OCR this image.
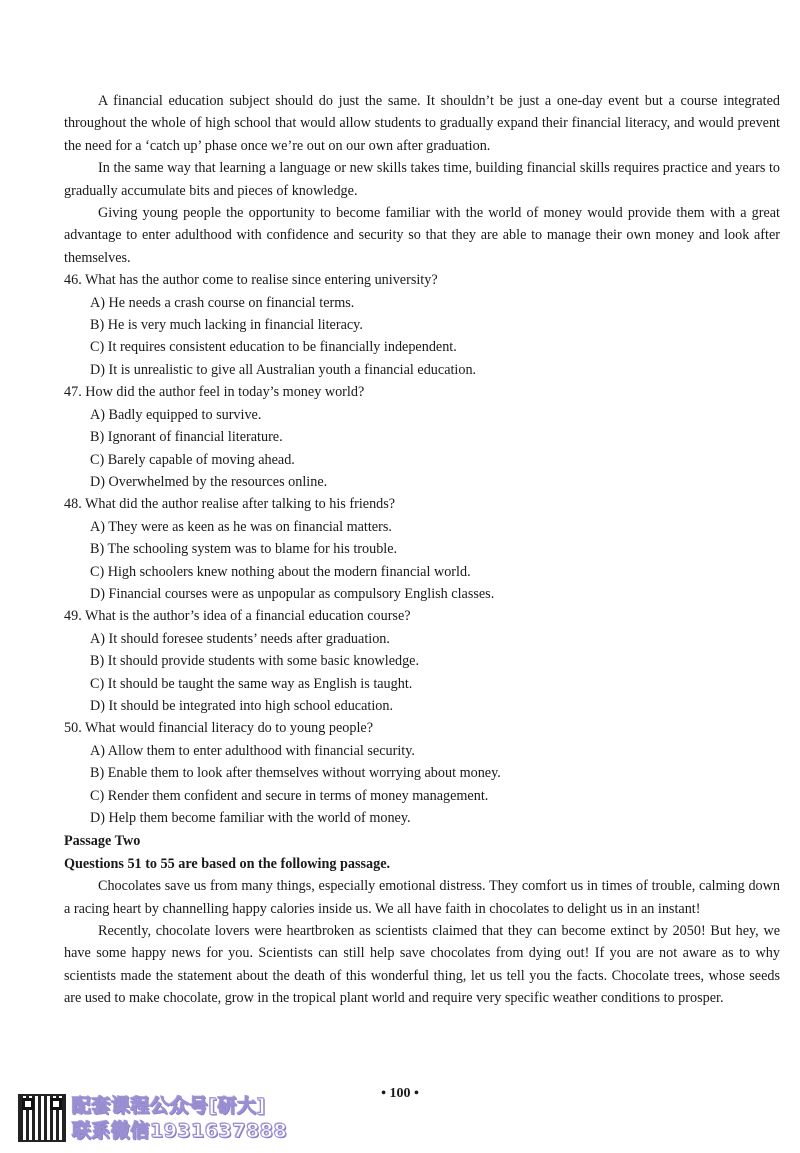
A financial education subject should do just the same. It shouldn’t be just a one-day event but a course integrated throughout the whole of high school that would allow students to gradually expand their financial literacy, and would prevent the need for a ‘catch up’ phase once we’re out on our own after graduation.

In the same way that learning a language or new skills takes time, building financial skills requires practice and years to gradually accumulate bits and pieces of knowledge.

Giving young people the opportunity to become familiar with the world of money would provide them with a great advantage to enter adulthood with confidence and security so that they are able to manage their own money and look after themselves.

46. What has the author come to realise since entering university?

A) He needs a crash course on financial terms.

B) He is very much lacking in financial literacy.

C) It requires consistent education to be financially independent.

D) It is unrealistic to give all Australian youth a financial education.

47. How did the author feel in today’s money world?

A) Badly equipped to survive.

B) Ignorant of financial literature.

C) Barely capable of moving ahead.

D) Overwhelmed by the resources online.

48. What did the author realise after talking to his friends?

A) They were as keen as he was on financial matters.

B) The schooling system was to blame for his trouble.

C) High schoolers knew nothing about the modern financial world.

D) Financial courses were as unpopular as compulsory English classes.

49. What is the author’s idea of a financial education course?

A) It should foresee students’ needs after graduation.

B) It should provide students with some basic knowledge.

C) It should be taught the same way as English is taught.

D) It should be integrated into high school education.

50. What would financial literacy do to young people?

A) Allow them to enter adulthood with financial security.

B) Enable them to look after themselves without worrying about money.

C) Render them confident and secure in terms of money management.

D) Help them become familiar with the world of money.

Passage Two

Questions 51 to 55 are based on the following passage.

Chocolates save us from many things, especially emotional distress. They comfort us in times of trouble, calming down a racing heart by channelling happy calories inside us. We all have faith in chocolates to delight us in an instant!

Recently, chocolate lovers were heartbroken as scientists claimed that they can become extinct by 2050! But hey, we have some happy news for you. Scientists can still help save chocolates from dying out! If you are not aware as to why scientists made the statement about the death of this wonderful thing, let us tell you the facts. Chocolate trees, whose seeds are used to make chocolate, grow in the tropical plant world and require very specific weather conditions to prosper.

• 100 •
配套课程公众号[研大]
联系微信1931637888
